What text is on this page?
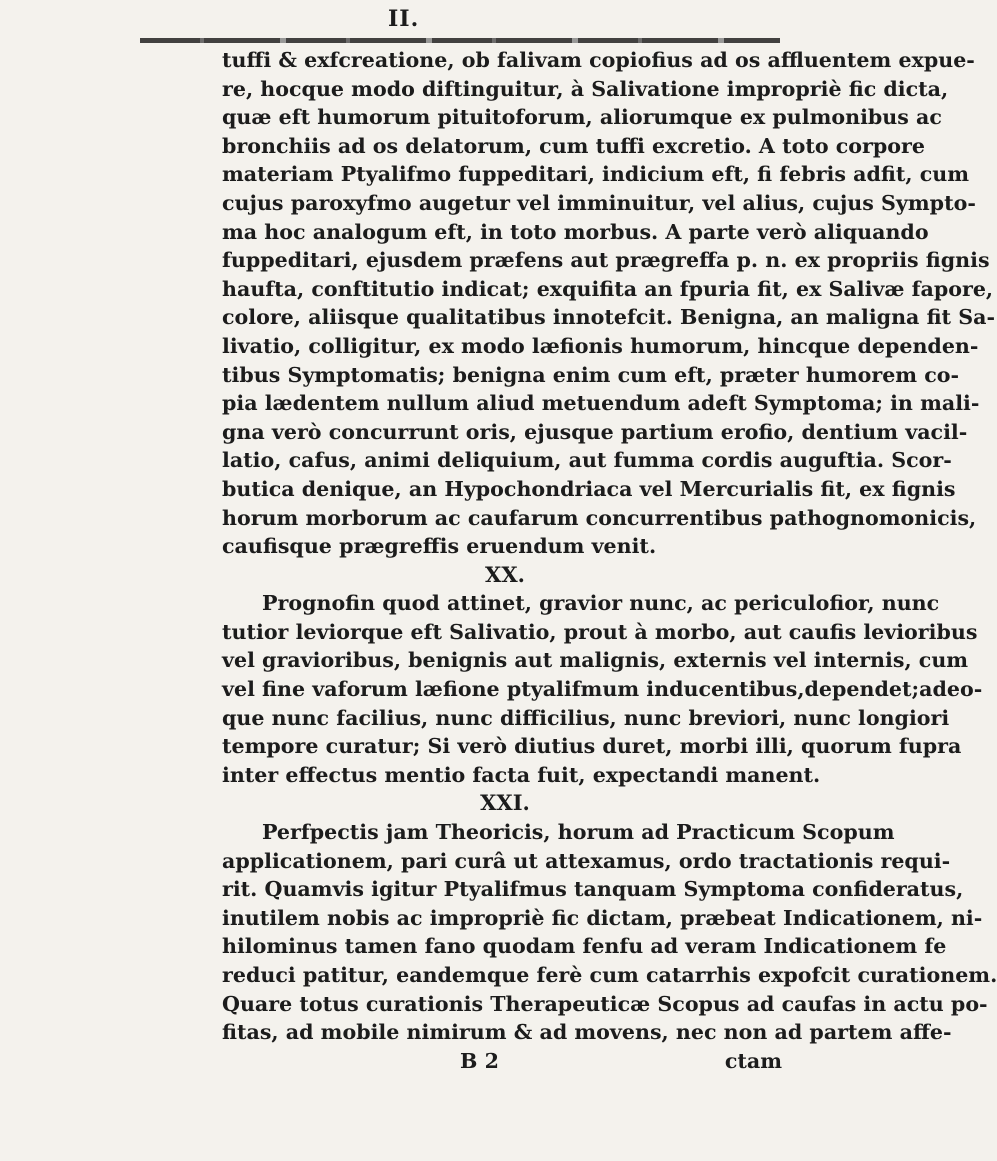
II.
tuffi & exfcreatione, ob falivam copiofius ad os affluentem expue-
re, hocque modo diftinguitur, à Salivatione impropriè fic dicta,
quæ eft humorum pituitoforum, aliorumque ex pulmonibus ac
bronchiis ad os delatorum, cum tuffi excretio. A toto corpore
materiam Ptyalifmo fuppeditari, indicium eft, fi febris adfit, cum
cujus paroxyfmo augetur vel imminuitur, vel alius, cujus Sympto-
ma hoc analogum eft, in toto morbus. A parte verò aliquando
fuppeditari, ejusdem præfens aut prægreffa p. n. ex propriis fignis
haufta, conftitutio indicat; exquifita an fpuria fit, ex Salivæ fapore,
colore, aliisque qualitatibus innotefcit. Benigna, an maligna fit Sa-
livatio, colligitur, ex modo læfionis humorum, hincque dependen-
tibus Symptomatis; benigna enim cum eft, præter humorem co-
pia lædentem nullum aliud metuendum adeft Symptoma; in mali-
gna verò concurrunt oris, ejusque partium erofio, dentium vacil-
latio, cafus, animi deliquium, aut fumma cordis auguftia. Scor-
butica denique, an Hypochondriaca vel Mercurialis fit, ex fignis
horum morborum ac caufarum concurrentibus pathognomonicis,
caufisque prægreffis eruendum venit.
XX.
Prognofin quod attinet, gravior nunc, ac periculofior, nunc
tutior leviorque eft Salivatio, prout à morbo, aut caufis levioribus
vel gravioribus, benignis aut malignis, externis vel internis, cum
vel fine vaforum læfione ptyalifmum inducentibus,dependet;adeo-
que nunc facilius, nunc difficilius, nunc breviori, nunc longiori
tempore curatur; Si verò diutius duret, morbi illi, quorum fupra
inter effectus mentio facta fuit, expectandi manent.
XXI.
Perfpectis jam Theoricis, horum ad Practicum Scopum
applicationem, pari curâ ut attexamus, ordo tractationis requi-
rit. Quamvis igitur Ptyalifmus tanquam Symptoma confideratus,
inutilem nobis ac impropriè fic dictam, præbeat Indicationem, ni-
hilominus tamen fano quodam fenfu ad veram Indicationem fe
reduci patitur, eandemque ferè cum catarrhis expofcit curationem.
Quare totus curationis Therapeuticæ Scopus ad caufas in actu po-
fitas, ad mobile nimirum & ad movens, nec non ad partem affe-
B 2	ctam
